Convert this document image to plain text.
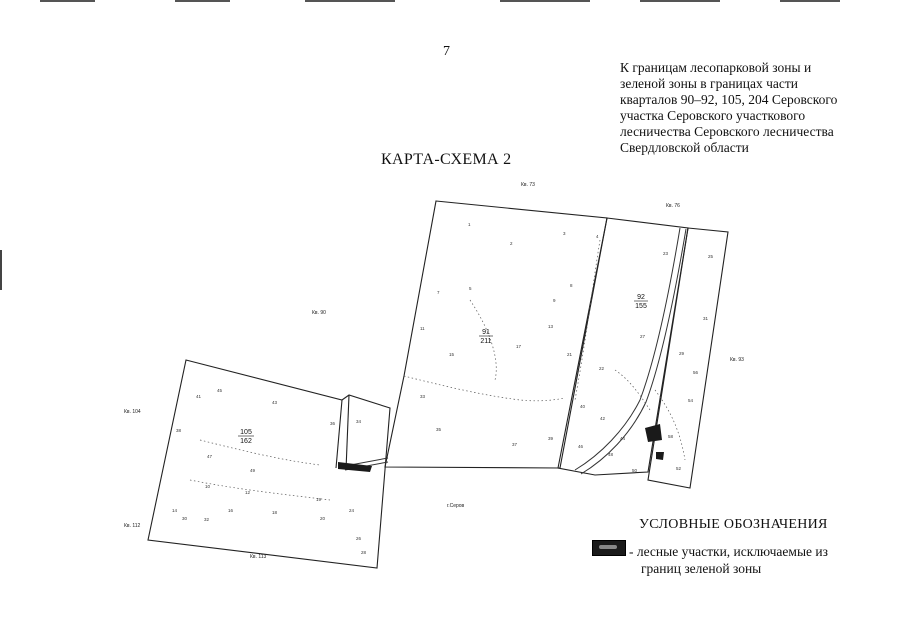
7
К границам лесопарковой зоны и
зеленой зоны в границах части
кварталов 90–92, 105, 204 Серовского
участка Серовского участкового
лесничества Серовского лесничества
Свердловской области
КАРТА-СХЕМА 2
Кв. 73
Кв. 76
Кв. 90
Кв. 93
Кв. 104
Кв. 112
Кв. 113
г.Серов
91
211
92
155
105
162
1
2
3
4
5
7
8
9
11	13
15
17
21
22
23
25
27
29
31
33
35
37
39
41
43
45
47
49
10
12
14	16	18
19
20
24
26
28
30	32
34
36
38
40
42
44
46
48
50	52
54
56
58
УСЛОВНЫЕ ОБОЗНАЧЕНИЯ
- лесные участки, исключаемые из
границ зеленой зоны
